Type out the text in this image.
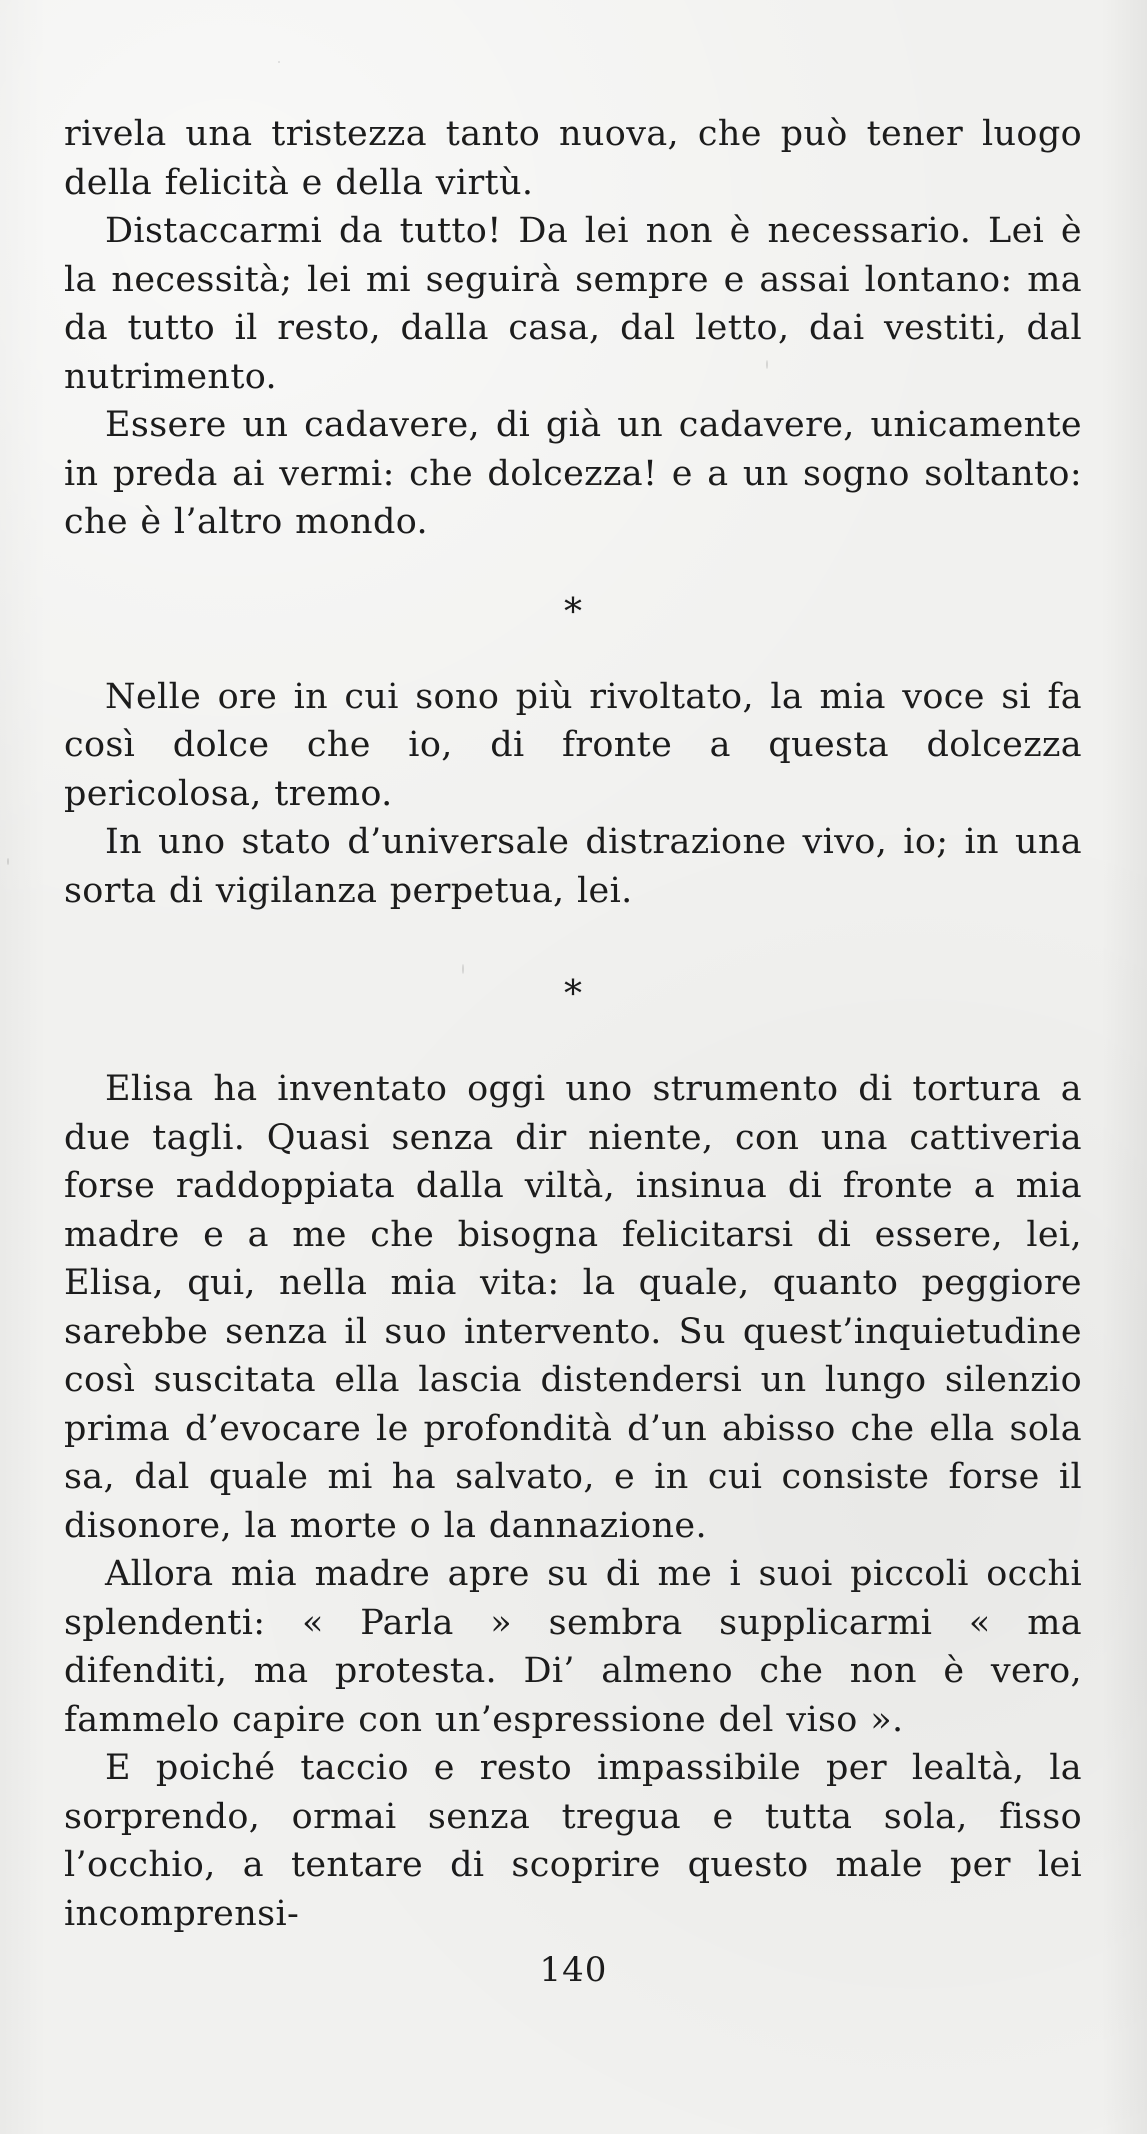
rivela una tristezza tanto nuova, che può tener luogo della felicità e della virtù.

Distaccarmi da tutto! Da lei non è necessario. Lei è la necessità; lei mi seguirà sempre e assai lontano: ma da tutto il resto, dalla casa, dal letto, dai vestiti, dal nutrimento.

Essere un cadavere, di già un cadavere, unicamente in preda ai vermi: che dolcezza! e a un sogno soltanto: che è l’altro mondo.

*

Nelle ore in cui sono più rivoltato, la mia voce si fa così dolce che io, di fronte a questa dolcezza pericolosa, tremo.

In uno stato d’universale distrazione vivo, io; in una sorta di vigilanza perpetua, lei.

*

Elisa ha inventato oggi uno strumento di tortura a due tagli. Quasi senza dir niente, con una cattiveria forse raddoppiata dalla viltà, insinua di fronte a mia madre e a me che bisogna felicitarsi di essere, lei, Elisa, qui, nella mia vita: la quale, quanto peggiore sarebbe senza il suo intervento. Su quest’inquietudine così suscitata ella lascia distendersi un lungo silenzio prima d’evocare le profondità d’un abisso che ella sola sa, dal quale mi ha salvato, e in cui consiste forse il disonore, la morte o la dannazione.

Allora mia madre apre su di me i suoi piccoli occhi splendenti: « Parla » sembra supplicarmi « ma difenditi, ma protesta. Di’ almeno che non è vero, fammelo capire con un’espressione del viso ».

E poiché taccio e resto impassibile per lealtà, la sorprendo, ormai senza tregua e tutta sola, fisso l’occhio, a tentare di scoprire questo male per lei incomprensi-

140
